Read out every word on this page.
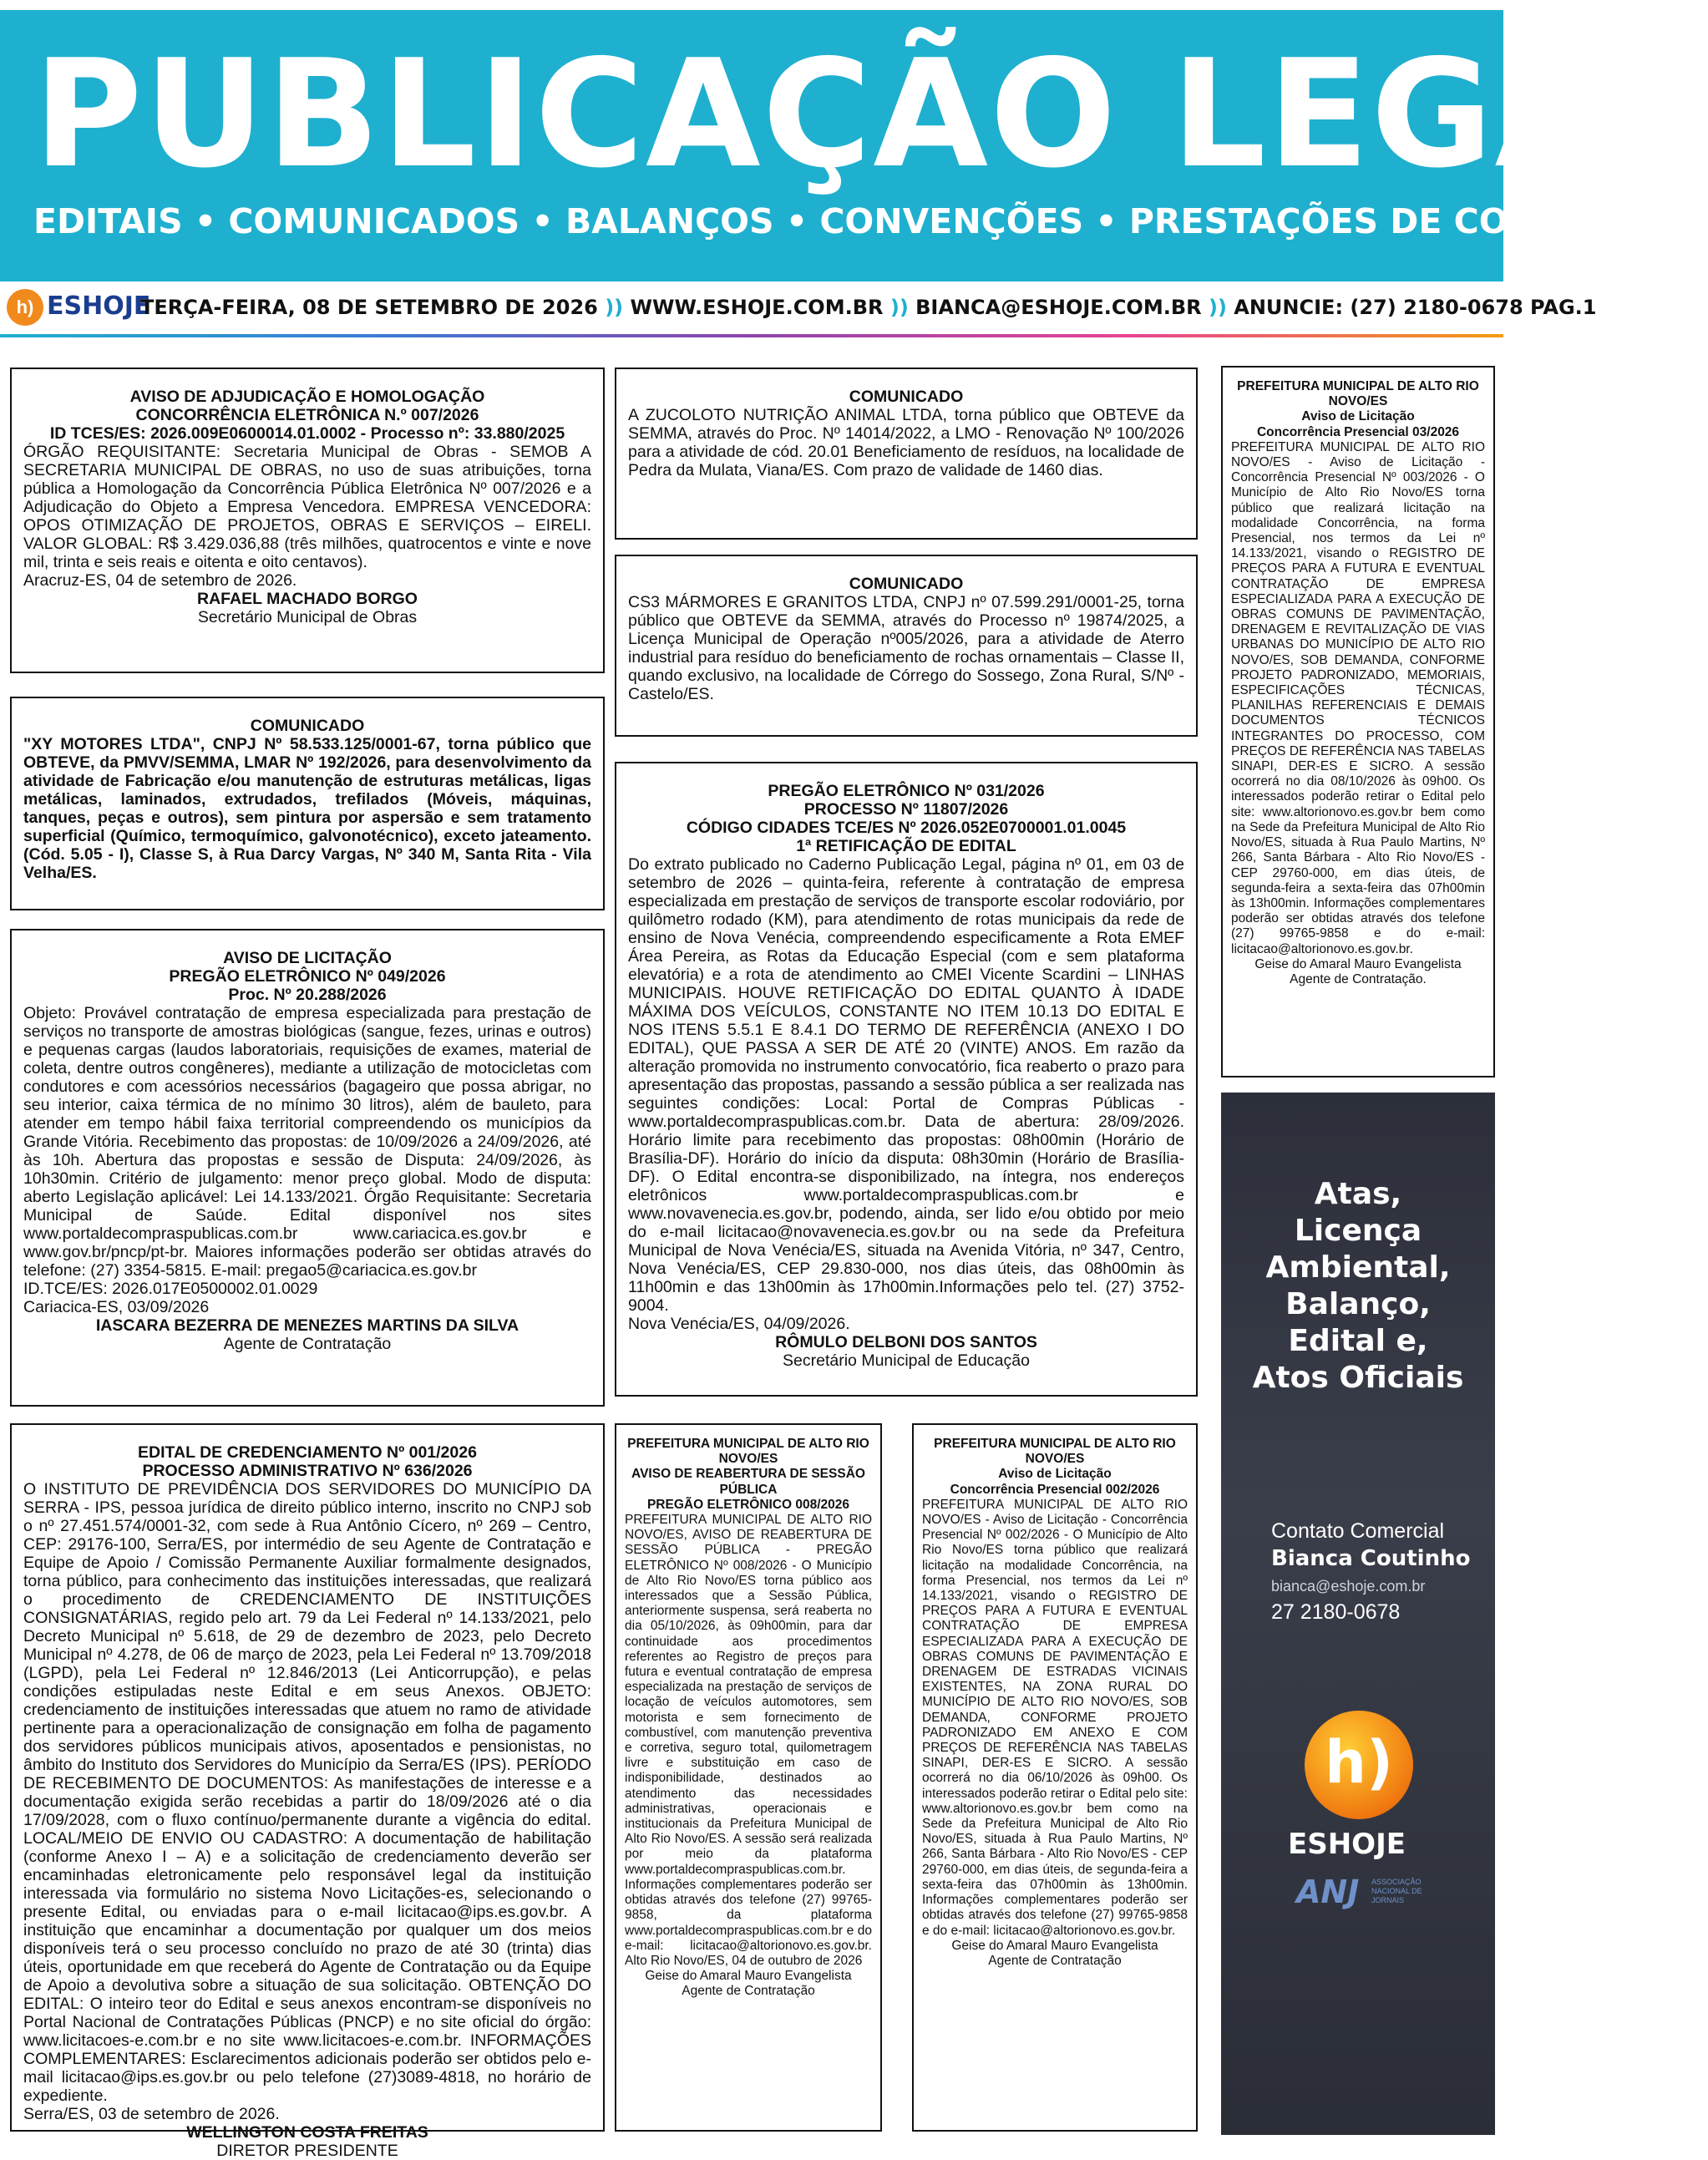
PUBLICAÇÃO LEGAL
EDITAIS • COMUNICADOS • BALANÇOS • CONVENÇÕES • PRESTAÇÕES DE CONTAS
h) ESHOJE
TERÇA-FEIRA, 08 DE SETEMBRO DE 2026 )) WWW.ESHOJE.COM.BR )) BIANCA@ESHOJE.COM.BR )) ANUNCIE: (27) 2180-0678 PAG.1
AVISO DE ADJUDICAÇÃO E HOMOLOGAÇÃO
CONCORRÊNCIA ELETRÔNICA N.º 007/2026
ID TCES/ES: 2026.009E0600014.01.0002 - Processo nº: 33.880/2025
ÓRGÃO REQUISITANTE: Secretaria Municipal de Obras - SEMOB A SECRETARIA MUNICIPAL DE OBRAS, no uso de suas atribuições, torna pública a Homologação da Concorrência Pública Eletrônica Nº 007/2026 e a Adjudicação do Objeto a Empresa Vencedora. EMPRESA VENCEDORA: OPOS OTIMIZAÇÃO DE PROJETOS, OBRAS E SERVIÇOS – EIRELI. VALOR GLOBAL: R$ 3.429.036,88 (três milhões, quatrocentos e vinte e nove mil, trinta e seis reais e oitenta e oito centavos).
Aracruz-ES, 04 de setembro de 2026.
RAFAEL MACHADO BORGO
Secretário Municipal de Obras
COMUNICADO
"XY MOTORES LTDA", CNPJ Nº 58.533.125/0001-67, torna público que OBTEVE, da PMVV/SEMMA, LMAR Nº 192/2026, para desenvolvimento da atividade de Fabricação e/ou manutenção de estruturas metálicas, ligas metálicas, laminados, extrudados, trefilados (Móveis, máquinas, tanques, peças e outros), sem pintura por aspersão e sem tratamento superficial (Químico, termoquímico, galvonotécnico), exceto jateamento. (Cód. 5.05 - I), Classe S, à Rua Darcy Vargas, Nº 340 M, Santa Rita - Vila Velha/ES.
AVISO DE LICITAÇÃO
PREGÃO ELETRÔNICO Nº 049/2026
Proc. Nº 20.288/2026
Objeto: Provável contratação de empresa especializada para prestação de serviços no transporte de amostras biológicas (sangue, fezes, urinas e outros) e pequenas cargas (laudos laboratoriais, requisições de exames, material de coleta, dentre outros congêneres), mediante a utilização de motocicletas com condutores e com acessórios necessários (bagageiro que possa abrigar, no seu interior, caixa térmica de no mínimo 30 litros), além de bauleto, para atender em tempo hábil faixa territorial compreendendo os municípios da Grande Vitória. Recebimento das propostas: de 10/09/2026 a 24/09/2026, até às 10h. Abertura das propostas e sessão de Disputa: 24/09/2026, às 10h30min. Critério de julgamento: menor preço global. Modo de disputa: aberto Legislação aplicável: Lei 14.133/2021. Órgão Requisitante: Secretaria Municipal de Saúde. Edital disponível nos sites www.portaldecompraspublicas.com.br www.cariacica.es.gov.br e www.gov.br/pncp/pt-br. Maiores informações poderão ser obtidas através do telefone: (27) 3354-5815. E-mail: pregao5@cariacica.es.gov.br
ID.TCE/ES: 2026.017E0500002.01.0029
Cariacica-ES, 03/09/2026
IASCARA BEZERRA DE MENEZES MARTINS DA SILVA
Agente de Contratação
EDITAL DE CREDENCIAMENTO Nº 001/2026
PROCESSO ADMINISTRATIVO Nº 636/2026
O INSTITUTO DE PREVIDÊNCIA DOS SERVIDORES DO MUNICÍPIO DA SERRA - IPS, pessoa jurídica de direito público interno, inscrito no CNPJ sob o nº 27.451.574/0001-32, com sede à Rua Antônio Cícero, nº 269 – Centro, CEP: 29176-100, Serra/ES, por intermédio de seu Agente de Contratação e Equipe de Apoio / Comissão Permanente Auxiliar formalmente designados, torna público, para conhecimento das instituições interessadas, que realizará o procedimento de CREDENCIAMENTO DE INSTITUIÇÕES CONSIGNATÁRIAS, regido pelo art. 79 da Lei Federal nº 14.133/2021, pelo Decreto Municipal nº 5.618, de 29 de dezembro de 2023, pelo Decreto Municipal nº 4.278, de 06 de março de 2023, pela Lei Federal nº 13.709/2018 (LGPD), pela Lei Federal nº 12.846/2013 (Lei Anticorrupção), e pelas condições estipuladas neste Edital e em seus Anexos. OBJETO: credenciamento de instituições interessadas que atuem no ramo de atividade pertinente para a operacionalização de consignação em folha de pagamento dos servidores públicos municipais ativos, aposentados e pensionistas, no âmbito do Instituto dos Servidores do Município da Serra/ES (IPS). PERÍODO DE RECEBIMENTO DE DOCUMENTOS: As manifestações de interesse e a documentação exigida serão recebidas a partir do 18/09/2026 até o dia 17/09/2028, com o fluxo contínuo/permanente durante a vigência do edital. LOCAL/MEIO DE ENVIO OU CADASTRO: A documentação de habilitação (conforme Anexo I – A) e a solicitação de credenciamento deverão ser encaminhadas eletronicamente pelo responsável legal da instituição interessada via formulário no sistema Novo Licitações-es, selecionando o presente Edital, ou enviadas para o e-mail licitacao@ips.es.gov.br. A instituição que encaminhar a documentação por qualquer um dos meios disponíveis terá o seu processo concluído no prazo de até 30 (trinta) dias úteis, oportunidade em que receberá do Agente de Contratação ou da Equipe de Apoio a devolutiva sobre a situação de sua solicitação. OBTENÇÃO DO EDITAL: O inteiro teor do Edital e seus anexos encontram-se disponíveis no Portal Nacional de Contratações Públicas (PNCP) e no site oficial do órgão: www.licitacoes-e.com.br e no site www.licitacoes-e.com.br. INFORMAÇÕES COMPLEMENTARES: Esclarecimentos adicionais poderão ser obtidos pelo e-mail licitacao@ips.es.gov.br ou pelo telefone (27)3089-4818, no horário de expediente.
Serra/ES, 03 de setembro de 2026.
WELLINGTON COSTA FREITAS
DIRETOR PRESIDENTE
COMUNICADO
A ZUCOLOTO NUTRIÇÃO ANIMAL LTDA, torna público que OBTEVE da SEMMA, através do Proc. Nº 14014/2022, a LMO - Renovação Nº 100/2026 para a atividade de cód. 20.01 Beneficiamento de resíduos, na localidade de Pedra da Mulata, Viana/ES. Com prazo de validade de 1460 dias.
COMUNICADO
CS3 MÁRMORES E GRANITOS LTDA, CNPJ nº 07.599.291/0001-25, torna público que OBTEVE da SEMMA, através do Processo nº 19874/2025, a Licença Municipal de Operação nº005/2026, para a atividade de Aterro industrial para resíduo do beneficiamento de rochas ornamentais – Classe II, quando exclusivo, na localidade de Córrego do Sossego, Zona Rural, S/Nº - Castelo/ES.
PREGÃO ELETRÔNICO Nº 031/2026
PROCESSO Nº 11807/2026
CÓDIGO CIDADES TCE/ES Nº 2026.052E0700001.01.0045
1ª RETIFICAÇÃO DE EDITAL
Do extrato publicado no Caderno Publicação Legal, página nº 01, em 03 de setembro de 2026 – quinta-feira, referente à contratação de empresa especializada em prestação de serviços de transporte escolar rodoviário, por quilômetro rodado (KM), para atendimento de rotas municipais da rede de ensino de Nova Venécia, compreendendo especificamente a Rota EMEF Área Pereira, as Rotas da Educação Especial (com e sem plataforma elevatória) e a rota de atendimento ao CMEI Vicente Scardini – LINHAS MUNICIPAIS. HOUVE RETIFICAÇÃO DO EDITAL QUANTO À IDADE MÁXIMA DOS VEÍCULOS, CONSTANTE NO ITEM 10.13 DO EDITAL E NOS ITENS 5.5.1 E 8.4.1 DO TERMO DE REFERÊNCIA (ANEXO I DO EDITAL), QUE PASSA A SER DE ATÉ 20 (VINTE) ANOS. Em razão da alteração promovida no instrumento convocatório, fica reaberto o prazo para apresentação das propostas, passando a sessão pública a ser realizada nas seguintes condições: Local: Portal de Compras Públicas -www.portaldecompraspublicas.com.br. Data de abertura: 28/09/2026. Horário limite para recebimento das propostas: 08h00min (Horário de Brasília-DF). Horário do início da disputa: 08h30min (Horário de Brasília-DF). O Edital encontra-se disponibilizado, na íntegra, nos endereços eletrônicos www.portaldecompraspublicas.com.br e www.novavenecia.es.gov.br, podendo, ainda, ser lido e/ou obtido por meio do e-mail licitacao@novavenecia.es.gov.br ou na sede da Prefeitura Municipal de Nova Venécia/ES, situada na Avenida Vitória, nº 347, Centro, Nova Venécia/ES, CEP 29.830-000, nos dias úteis, das 08h00min às 11h00min e das 13h00min às 17h00min.Informações pelo tel. (27) 3752-9004.
Nova Venécia/ES, 04/09/2026.
RÔMULO DELBONI DOS SANTOS
Secretário Municipal de Educação
PREFEITURA MUNICIPAL DE ALTO RIO NOVO/ES
AVISO DE REABERTURA DE SESSÃO PÚBLICA
PREGÃO ELETRÔNICO 008/2026
PREFEITURA MUNICIPAL DE ALTO RIO NOVO/ES, AVISO DE REABERTURA DE SESSÃO PÚBLICA - PREGÃO ELETRÔNICO Nº 008/2026 - O Município de Alto Rio Novo/ES torna público aos interessados que a Sessão Pública, anteriormente suspensa, será reaberta no dia 05/10/2026, às 09h00min, para dar continuidade aos procedimentos referentes ao Registro de preços para futura e eventual contratação de empresa especializada na prestação de serviços de locação de veículos automotores, sem motorista e sem fornecimento de combustível, com manutenção preventiva e corretiva, seguro total, quilometragem livre e substituição em caso de indisponibilidade, destinados ao atendimento das necessidades administrativas, operacionais e institucionais da Prefeitura Municipal de Alto Rio Novo/ES. A sessão será realizada por meio da plataforma www.portaldecompraspublicas.com.br. Informações complementares poderão ser obtidas através dos telefone (27) 99765-9858, da plataforma www.portaldecompraspublicas.com.br e do e-mail: licitacao@altorionovo.es.gov.br. Alto Rio Novo/ES, 04 de outubro de 2026
Geise do Amaral Mauro Evangelista
Agente de Contratação
PREFEITURA MUNICIPAL DE ALTO RIO NOVO/ES
Aviso de Licitação
Concorrência Presencial 002/2026
PREFEITURA MUNICIPAL DE ALTO RIO NOVO/ES - Aviso de Licitação - Concorrência Presencial Nº 002/2026 - O Município de Alto Rio Novo/ES torna público que realizará licitação na modalidade Concorrência, na forma Presencial, nos termos da Lei nº 14.133/2021, visando o REGISTRO DE PREÇOS PARA A FUTURA E EVENTUAL CONTRATAÇÃO DE EMPRESA ESPECIALIZADA PARA A EXECUÇÃO DE OBRAS COMUNS DE PAVIMENTAÇÃO E DRENAGEM DE ESTRADAS VICINAIS EXISTENTES, NA ZONA RURAL DO MUNICÍPIO DE ALTO RIO NOVO/ES, SOB DEMANDA, CONFORME PROJETO PADRONIZADO EM ANEXO E COM PREÇOS DE REFERÊNCIA NAS TABELAS SINAPI, DER-ES E SICRO. A sessão ocorrerá no dia 06/10/2026 às 09h00. Os interessados poderão retirar o Edital pelo site: www.altorionovo.es.gov.br bem como na Sede da Prefeitura Municipal de Alto Rio Novo/ES, situada à Rua Paulo Martins, Nº 266, Santa Bárbara - Alto Rio Novo/ES - CEP 29760-000, em dias úteis, de segunda-feira a sexta-feira das 07h00min às 13h00min. Informações complementares poderão ser obtidas através dos telefone (27) 99765-9858 e do e-mail: licitacao@altorionovo.es.gov.br.
Geise do Amaral Mauro Evangelista
Agente de Contratação
PREFEITURA MUNICIPAL DE ALTO RIO NOVO/ES
Aviso de Licitação
Concorrência Presencial 03/2026
PREFEITURA MUNICIPAL DE ALTO RIO NOVO/ES - Aviso de Licitação - Concorrência Presencial Nº 003/2026 - O Município de Alto Rio Novo/ES torna público que realizará licitação na modalidade Concorrência, na forma Presencial, nos termos da Lei nº 14.133/2021, visando o REGISTRO DE PREÇOS PARA A FUTURA E EVENTUAL CONTRATAÇÃO DE EMPRESA ESPECIALIZADA PARA A EXECUÇÃO DE OBRAS COMUNS DE PAVIMENTAÇÃO, DRENAGEM E REVITALIZAÇÃO DE VIAS URBANAS DO MUNICÍPIO DE ALTO RIO NOVO/ES, SOB DEMANDA, CONFORME PROJETO PADRONIZADO, MEMORIAIS, ESPECIFICAÇÕES TÉCNICAS, PLANILHAS REFERENCIAIS E DEMAIS DOCUMENTOS TÉCNICOS INTEGRANTES DO PROCESSO, COM PREÇOS DE REFERÊNCIA NAS TABELAS SINAPI, DER-ES E SICRO. A sessão ocorrerá no dia 08/10/2026 às 09h00. Os interessados poderão retirar o Edital pelo site: www.altorionovo.es.gov.br bem como na Sede da Prefeitura Municipal de Alto Rio Novo/ES, situada à Rua Paulo Martins, Nº 266, Santa Bárbara - Alto Rio Novo/ES - CEP 29760-000, em dias úteis, de segunda-feira a sexta-feira das 07h00min às 13h00min. Informações complementares poderão ser obtidas através dos telefone (27) 99765-9858 e do e-mail: licitacao@altorionovo.es.gov.br.
Geise do Amaral Mauro Evangelista
Agente de Contratação.
Atas,
Licença
Ambiental,
Balanço,
Edital e,
Atos Oficiais
Contato Comercial
Bianca Coutinho
bianca@eshoje.com.br
27 2180-0678
h)
ESHOJE
ANJ ASSOCIAÇÃO NACIONAL DE JORNAIS
